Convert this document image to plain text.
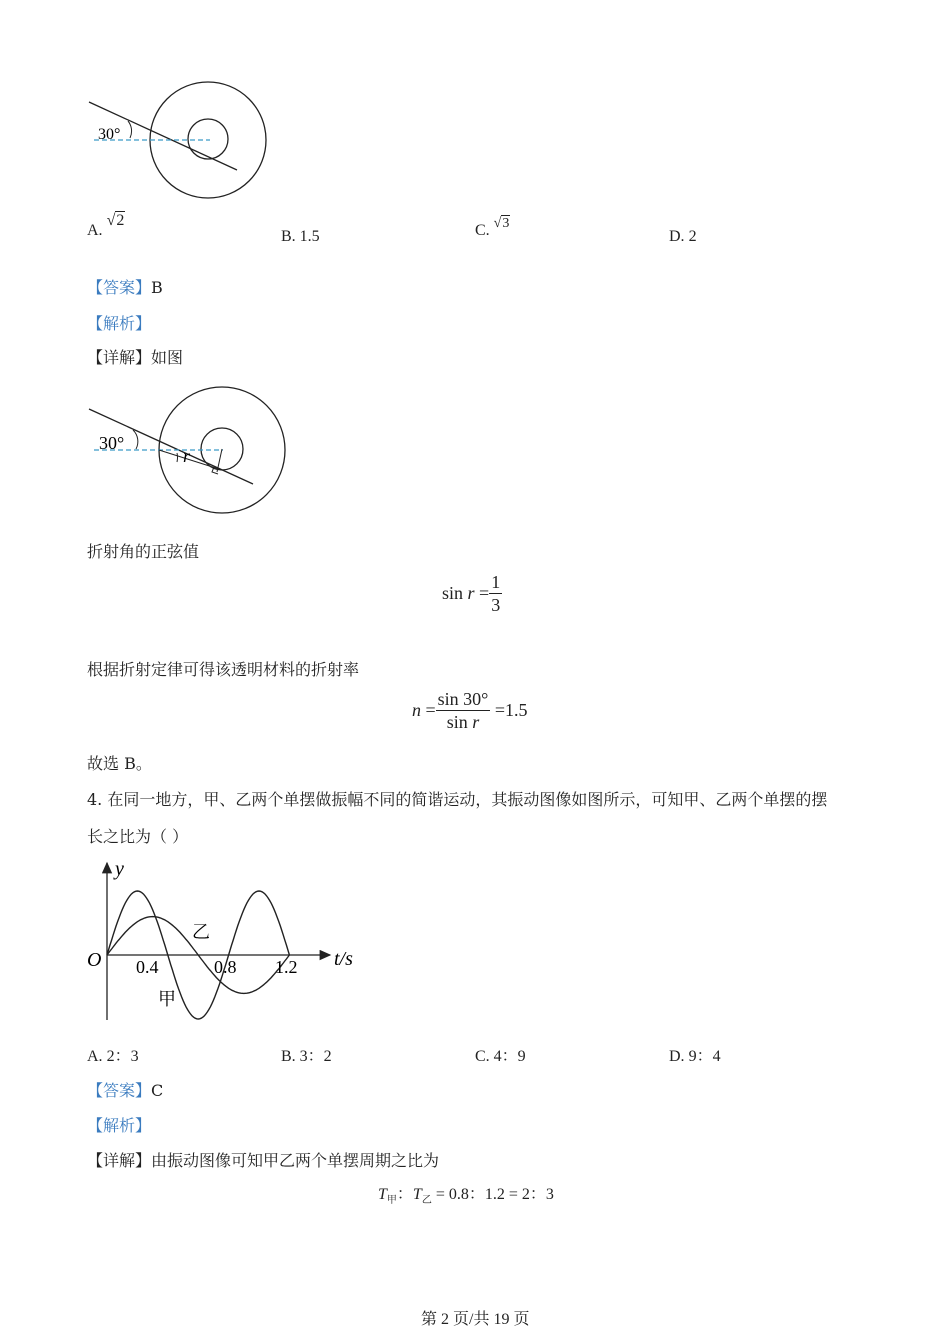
30°
A. √2
B. 1.5	C. √3
D. 2
【答案】B
【解析】
【详解】如图
30°
r
折射角的正弦值
$\sin r = \frac{1}{3}$
根据折射定律可得该透明材料的折射率
$n = \frac{\sin 30^\circ}{\text{sin r}} =1.5$
故选 B。
4. 在同一地方，甲、乙两个单摆做振幅不同的简谐运动，其振动图像如图所示，可知甲、乙两个单摆的摆
长之比为（ ）
y
t/s
O 0.4	0.8 1.2
乙
甲
A. 2：3	B. 3：2	C. 4：9	D. 9：4
【答案】C
【解析】
【详解】由振动图像可知甲乙两个单摆周期之比为
$T_甲$：$T_乙 = 0.8$：1.2 = 2：3
第 2 页/共 19 页
